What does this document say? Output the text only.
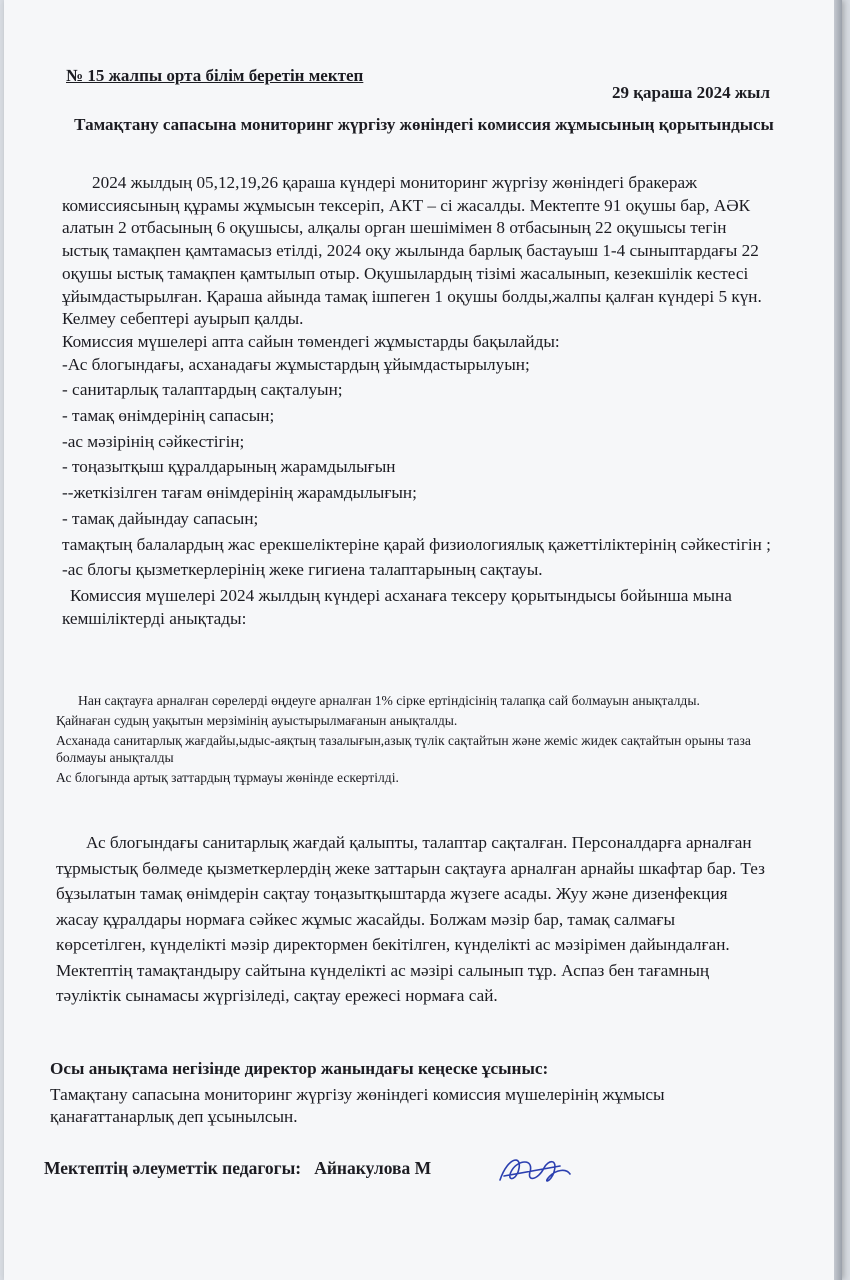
№ 15 жалпы орта білім беретін мектеп
29 қараша 2024 жыл
Тамақтану сапасына мониторинг жүргізу жөніндегі комиссия жұмысының қорытындысы

2024 жылдың 05,12,19,26 қараша күндері мониторинг жүргізу жөніндегі бракераж комиссиясының құрамы жұмысын тексеріп, АКТ – сі жасалды. Мектепте 91 оқушы бар, АӘК алатын 2 отбасының 6 оқушысы, алқалы орган шешімімен 8 отбасының 22 оқушысы тегін ыстық тамақпен қамтамасыз етілді, 2024 оқу жылында барлық бастауыш 1-4 сыныптардағы 22 оқушы ыстық тамақпен қамтылып отыр. Оқушылардың тізімі жасалынып, кезекшілік кестесі ұйымдастырылған. Қараша айында тамақ ішпеген 1 оқушы болды,жалпы қалған күндері 5 күн. Келмеу себептері ауырып қалды.

Комиссия мүшелері апта сайын төмендегі жұмыстарды бақылайды:

-Ас блогындағы, асханадағы жұмыстардың ұйымдастырылуын;
- санитарлық талаптардың сақталуын;
- тамақ өнімдерінің сапасын;
-ас мәзірінің сәйкестігін;
- тоңазытқыш құралдарының жарамдылығын
--жеткізілген тағам өнімдерінің жарамдылығын;
- тамақ дайындау сапасын;
тамақтың балалардың жас ерекшеліктеріне қарай физиологиялық қажеттіліктерінің сәйкестігін ;
-ас блогы қызметкерлерінің жеке гигиена талаптарының сақтауы.

Комиссия мүшелері 2024 жылдың күндері асханаға тексеру қорытындысы бойынша мына кемшіліктерді анықтады:

Нан сақтауға арналған сөрелерді өңдеуге арналған 1% сірке ертіндісінің талапқа сай болмауын анықталды.

Қайнаған судың уақытын мерзімінің ауыстырылмағанын анықталды.

Асханада санитарлық жағдайы,ыдыс-аяқтың тазалығын,азық түлік сақтайтын және жеміс жидек сақтайтын орыны таза болмауы анықталды

Ас блогында артық заттардың тұрмауы жөнінде ескертілді.

Ас блогындағы санитарлық жағдай қалыпты, талаптар сақталған. Персоналдарға арналған тұрмыстық бөлмеде қызметкерлердің жеке заттарын сақтауға арналған арнайы шкафтар бар. Тез бұзылатын тамақ өнімдерін сақтау тоңазытқыштарда жүзеге асады. Жуу және дизенфекция жасау құралдары нормаға сәйкес жұмыс жасайды. Болжам мәзір бар, тамақ салмағы көрсетілген, күнделікті мәзір директормен бекітілген, күнделікті ас мәзірімен дайындалған. Мектептің тамақтандыру сайтына күнделікті ас мәзірі салынып тұр. Аспаз бен тағамның тәуліктік сынамасы жүргізіледі, сақтау ережесі нормаға сай.

Осы анықтама негізінде директор жанындағы кеңеске ұсыныс:

Тамақтану сапасына мониторинг жүргізу жөніндегі комиссия мүшелерінің жұмысы қанағаттанарлық деп ұсынылсын.

Мектептің әлеуметтік педагогы: Айнакулова М
